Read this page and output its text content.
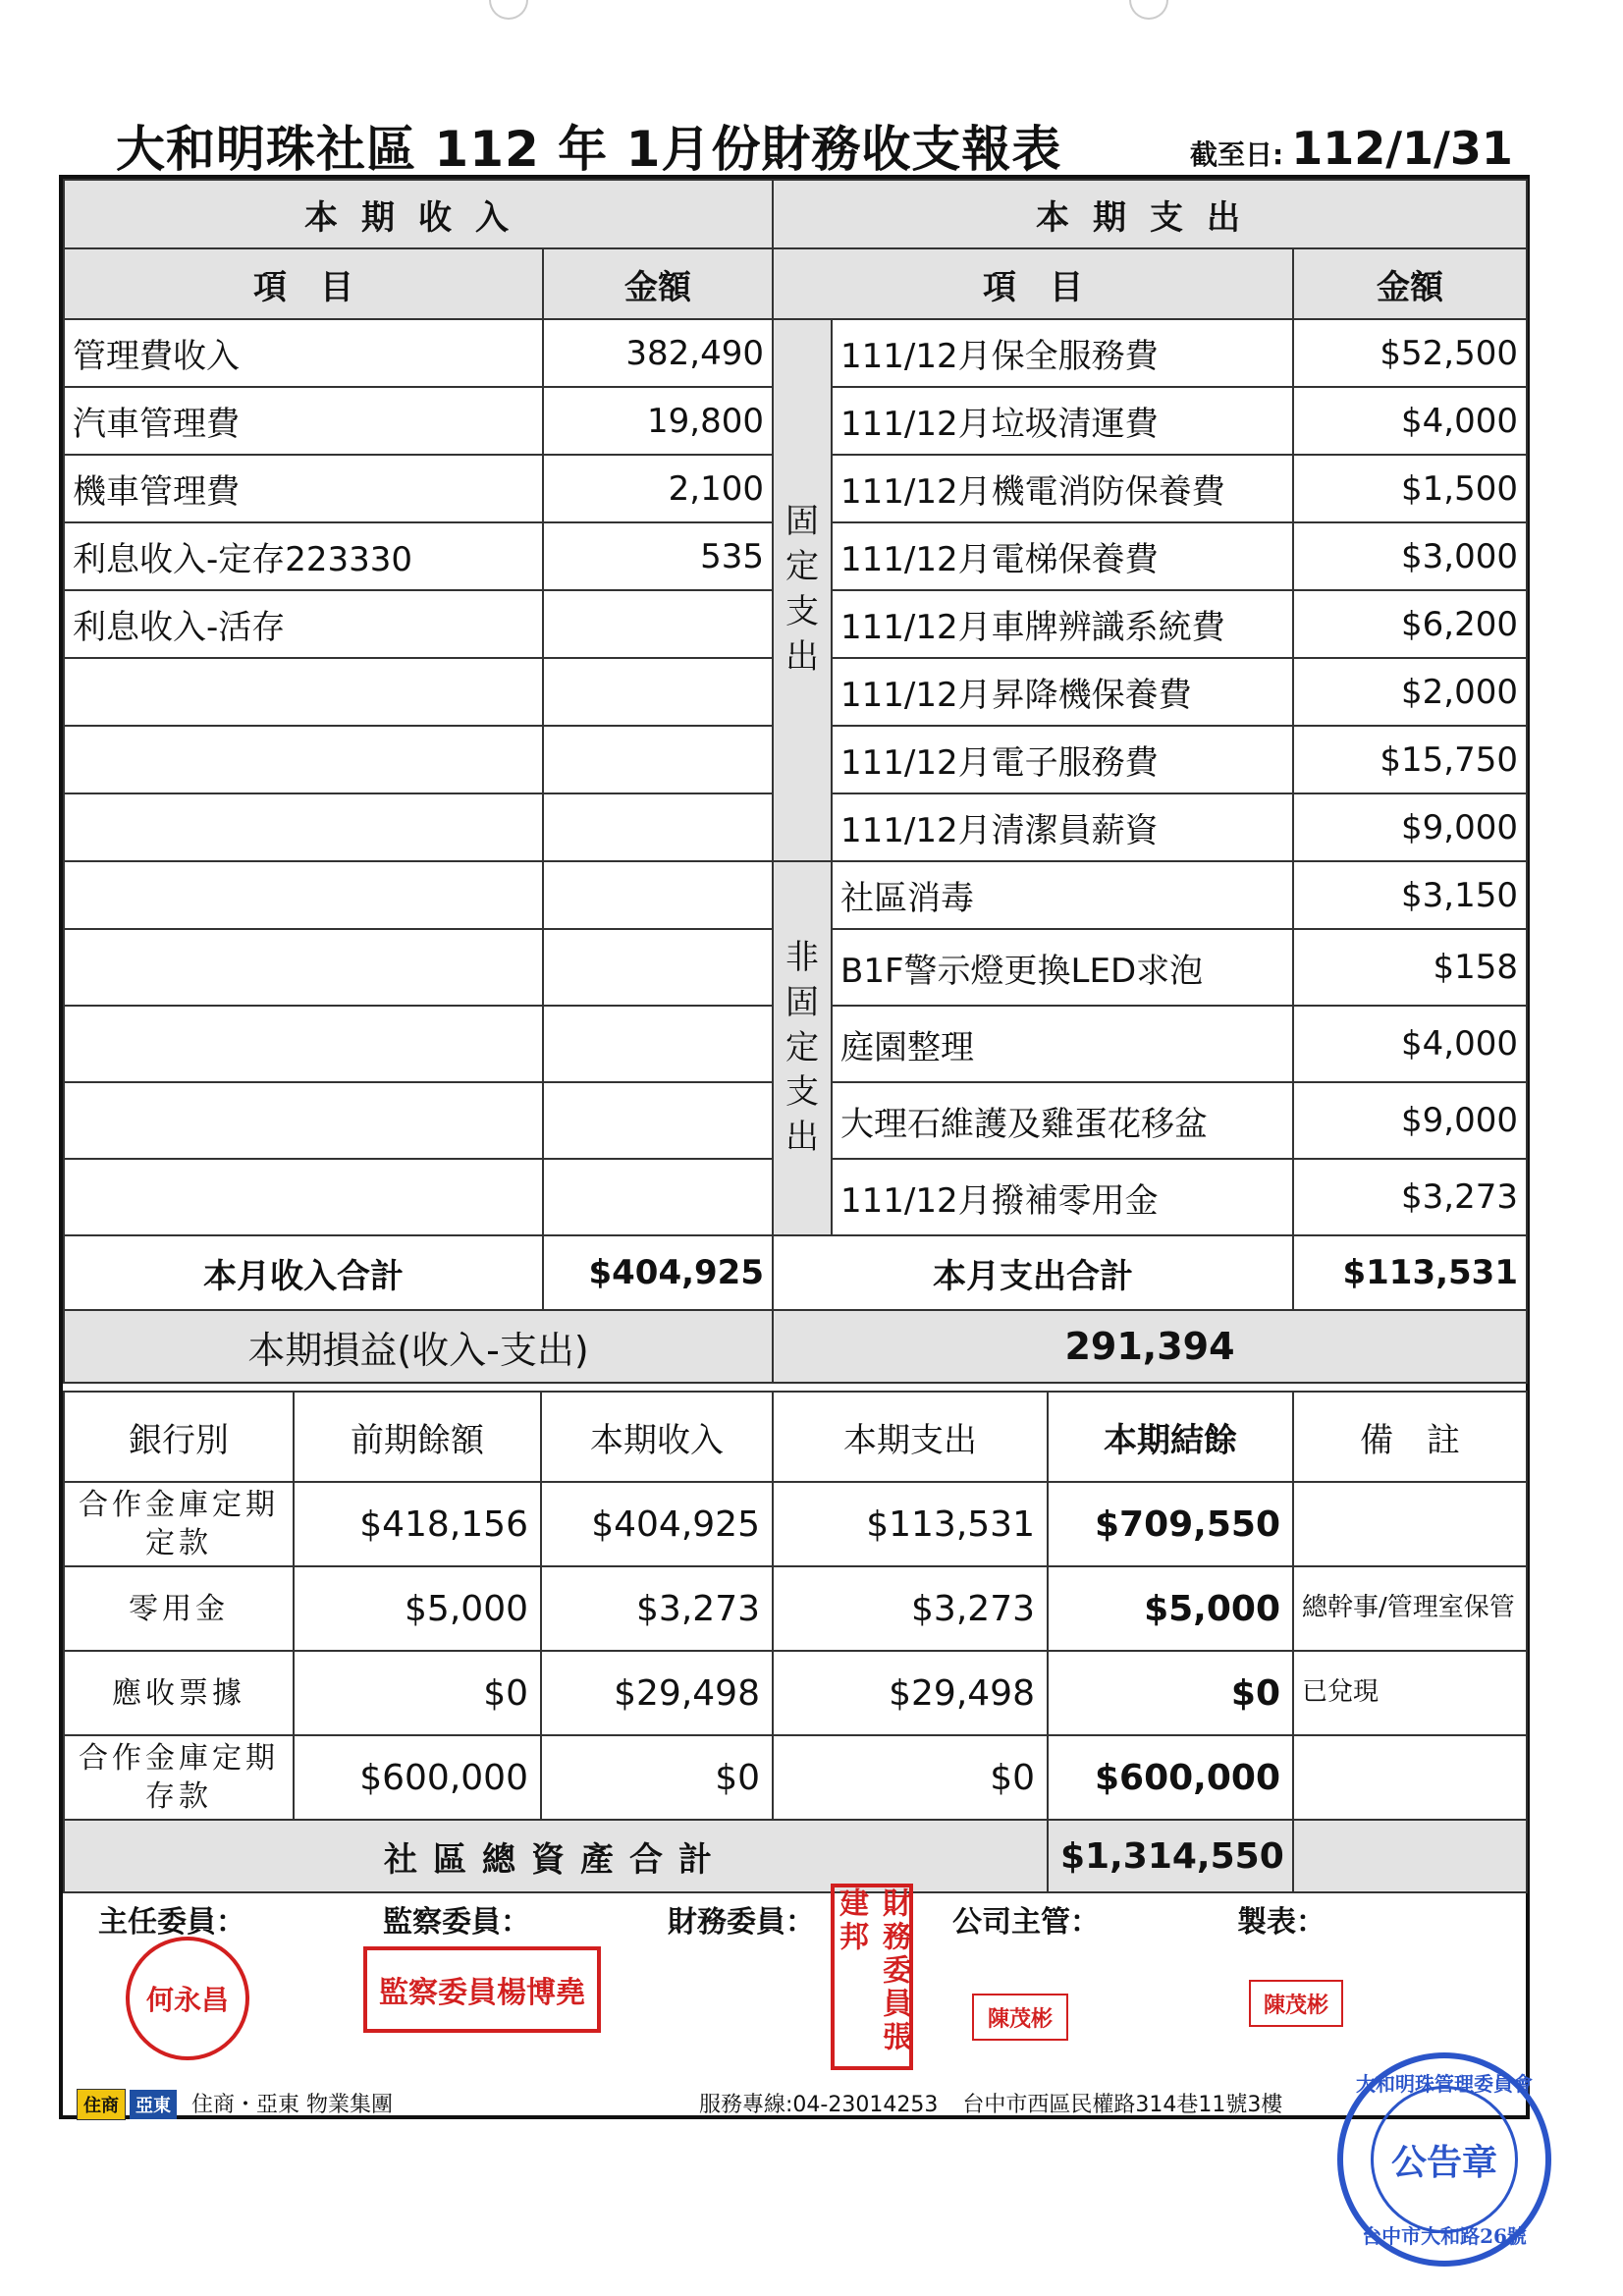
大和明珠社區 112 年 1月份財務收支報表	截至日: 112/1/31
本期收入		本期支出		
項　目	金額	項　目		金額
管理費收入	382,490	固定支出	111/12月保全服務費	$52,500
汽車管理費	19,800		111/12月垃圾清運費	$4,000
機車管理費	2,100		111/12月機電消防保養費	$1,500
利息收入-定存223330	535		111/12月電梯保養費	$3,000
利息收入-活存			111/12月車牌辨識系統費	$6,200
			111/12月昇降機保養費	$2,000
			111/12月電子服務費	$15,750
			111/12月清潔員薪資	$9,000
		非固定支出	社區消毒	$3,150
			B1F警示燈更換LED求泡	$158
			庭園整理	$4,000
			大理石維護及雞蛋花移盆	$9,000
			111/12月撥補零用金	$3,273
本月收入合計	$404,925	本月支出合計		$113,531
本期損益(收入-支出)		291,394		
銀行別	前期餘額	本期收入	本期支出	本期結餘	備　註
合作金庫定期定款	$418,156	$404,925	$113,531	$709,550	
零用金	$5,000	$3,273	$3,273	$5,000	總幹事/管理室保管
應收票據	$0	$29,498	$29,498	$0	已兌現
合作金庫定期存款	$600,000	$0	$0	$600,000	
社區總資產合計				$1,314,550	
主任委員：	監察委員：	財務委員：	公司主管：	製表：
何永昌	監察委員楊博堯	財務委員張建邦
陳茂彬
陳茂彬
住商 亞東 住商・亞東 物業集團	服務專線:04-23014253 台中市西區民權路314巷11號3樓
大和明珠管理委員會
公告章
台中市大和路26號
